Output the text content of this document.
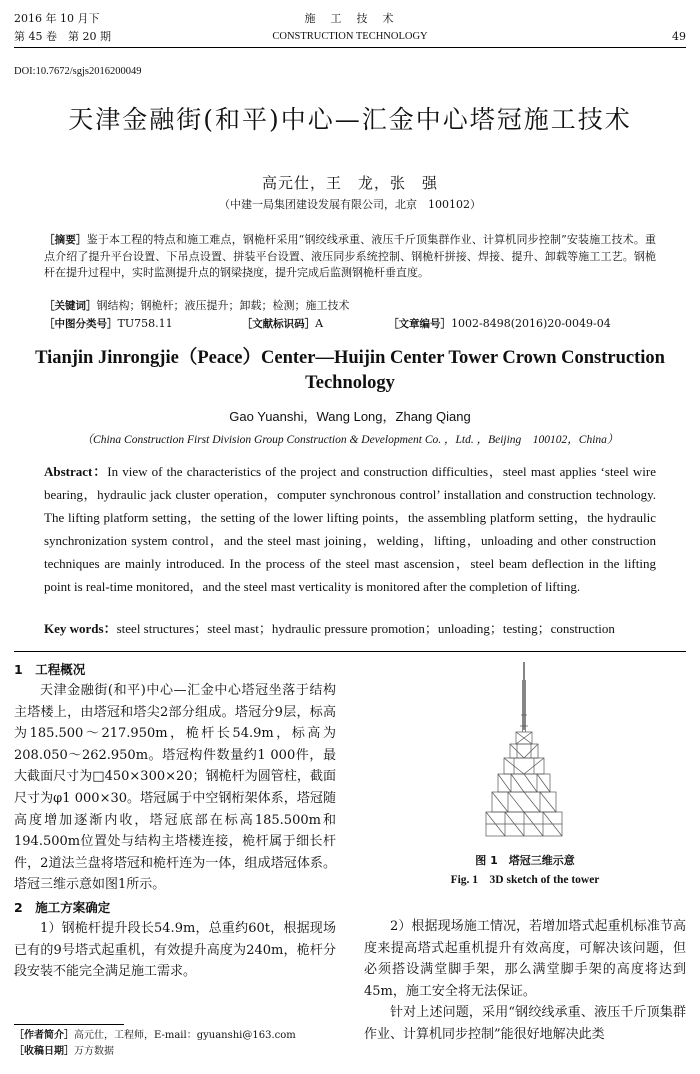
2016 年 10 月下
第 45 卷　第 20 期
施　工　技　术
CONSTRUCTION TECHNOLOGY	49
DOI:10.7672/sgjs2016200049
天津金融街(和平)中心—汇金中心塔冠施工技术
高元仕，王　龙，张　强
（中建一局集团建设发展有限公司，北京　100102）
［摘要］鉴于本工程的特点和施工难点，钢桅杆采用“钢绞线承重、液压千斤顶集群作业、计算机同步控制”安装施工技术。重点介绍了提升平台设置、下吊点设置、拼装平台设置、液压同步系统控制、钢桅杆拼接、焊接、提升、卸载等施工工艺。钢桅杆在提升过程中，实时监测提升点的钢梁挠度，提升完成后监测钢桅杆垂直度。
［关键词］钢结构；钢桅杆；液压提升；卸载；检测；施工技术
［中图分类号］TU758.11	［文献标识码］A	［文章编号］1002-8498(2016)20-0049-04
Tianjin Jinrongjie（Peace）Center—Huijin Center Tower Crown Construction Technology
Gao Yuanshi，Wang Long，Zhang Qiang
（China Construction First Division Group Construction & Development Co. ，Ltd. ，Beijing　100102，China）
Abstract：In view of the characteristics of the project and construction difficulties，steel mast applies ‘steel wire bearing，hydraulic jack cluster operation，computer synchronous control’ installation and construction technology. The lifting platform setting，the setting of the lower lifting points，the assembling platform setting，the hydraulic synchronization system control，and the steel mast joining，welding，lifting，unloading and other construction techniques are mainly introduced. In the process of the steel mast ascension，steel beam deflection in the lifting point is real-time monitored，and the steel mast verticality is monitored after the completion of lifting.
Key words：steel structures；steel mast；hydraulic pressure promotion；unloading；testing；construction
1　工程概况

天津金融街(和平)中心—汇金中心塔冠坐落于结构主塔楼上，由塔冠和塔尖2部分组成。塔冠分9层，标高为185.500～217.950m，桅杆长54.9m，标高为208.050～262.950m。塔冠构件数量约1 000件，最大截面尺寸为□450×300×20；钢桅杆为圆管柱，截面尺寸为φ1 000×30。塔冠属于中空钢桁架体系，塔冠随高度增加逐渐内收，塔冠底部在标高185.500m和194.500m位置处与结构主塔楼连接，桅杆属于细长杆件，2道法兰盘将塔冠和桅杆连为一体，组成塔冠体系。塔冠三维示意如图1所示。

2　施工方案确定

1）钢桅杆提升段长54.9m，总重约60t，根据现场已有的9号塔式起重机，有效提升高度为240m，桅杆分段安装不能完全满足施工需求。

图 1　塔冠三维示意
Fig. 1　3D sketch of the tower

2）根据现场施工情况，若增加塔式起重机标准节高度来提高塔式起重机提升有效高度，可解决该问题，但必须搭设满堂脚手架，那么满堂脚手架的高度将达到45m，施工安全将无法保证。

针对上述问题，采用“钢绞线承重、液压千斤顶集群作业、计算机同步控制”能很好地解决此类

［作者简介］高元仕，工程师，E-mail：gyuanshi@163.com
［收稿日期］万方数据
